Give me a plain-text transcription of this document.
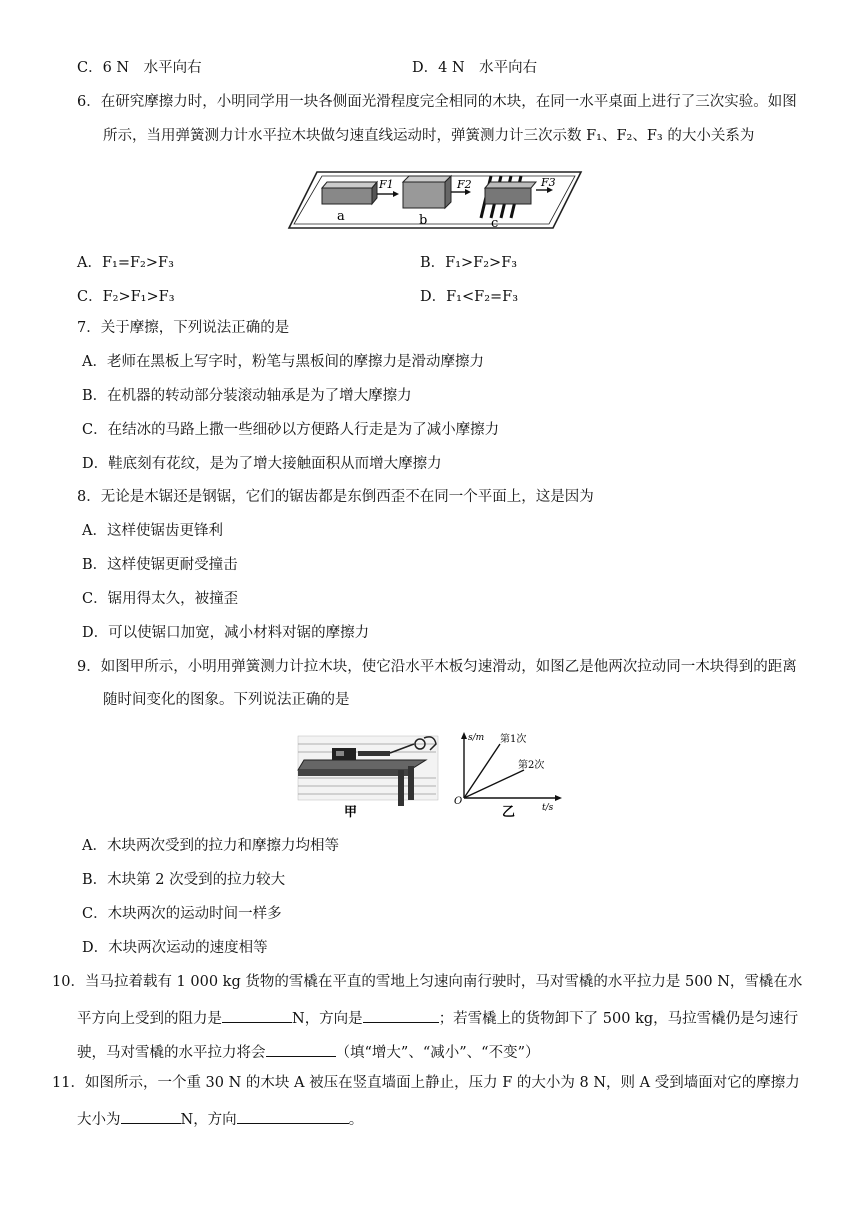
C．6 N　水平向右	D．4 N　水平向右
6．在研究摩擦力时，小明同学用一块各侧面光滑程度完全相同的木块，在同一水平桌面上进行了三次实验。如图
所示，当用弹簧测力计水平拉木块做匀速直线运动时，弹簧测力计三次示数 F₁、F₂、F₃ 的大小关系为
F1	F2	F3
a	b	c
A．F₁=F₂>F₃	B．F₁>F₂>F₃
C．F₂>F₁>F₃	D．F₁<F₂=F₃
7．关于摩擦，下列说法正确的是
A．老师在黑板上写字时，粉笔与黑板间的摩擦力是滑动摩擦力
B．在机器的转动部分装滚动轴承是为了增大摩擦力
C．在结冰的马路上撒一些细砂以方便路人行走是为了减小摩擦力
D．鞋底刻有花纹，是为了增大接触面积从而增大摩擦力
8．无论是木锯还是钢锯，它们的锯齿都是东倒西歪不在同一个平面上，这是因为
A．这样使锯齿更锋利
B．这样使锯更耐受撞击
C．锯用得太久，被撞歪
D．可以使锯口加宽，减小材料对锯的摩擦力
9．如图甲所示，小明用弹簧测力计拉木块，使它沿水平木板匀速滑动，如图乙是他两次拉动同一木块得到的距离
随时间变化的图象。下列说法正确的是
甲
s/m
t/s
O
第1次
第2次
乙
A．木块两次受到的拉力和摩擦力均相等
B．木块第 2 次受到的拉力较大
C．木块两次的运动时间一样多
D．木块两次运动的速度相等
10．当马拉着载有 1 000 kg 货物的雪橇在平直的雪地上匀速向南行驶时，马对雪橇的水平拉力是 500 N，雪橇在水
平方向上受到的阻力是	N，方向是	；若雪橇上的货物卸下了 500 kg，马拉雪橇仍是匀速行
驶，马对雪橇的水平拉力将会	（填“增大”、“减小”、“不变”）
11．如图所示，一个重 30 N 的木块 A 被压在竖直墙面上静止，压力 F 的大小为 8 N，则 A 受到墙面对它的摩擦力
大小为	N，方向	。
